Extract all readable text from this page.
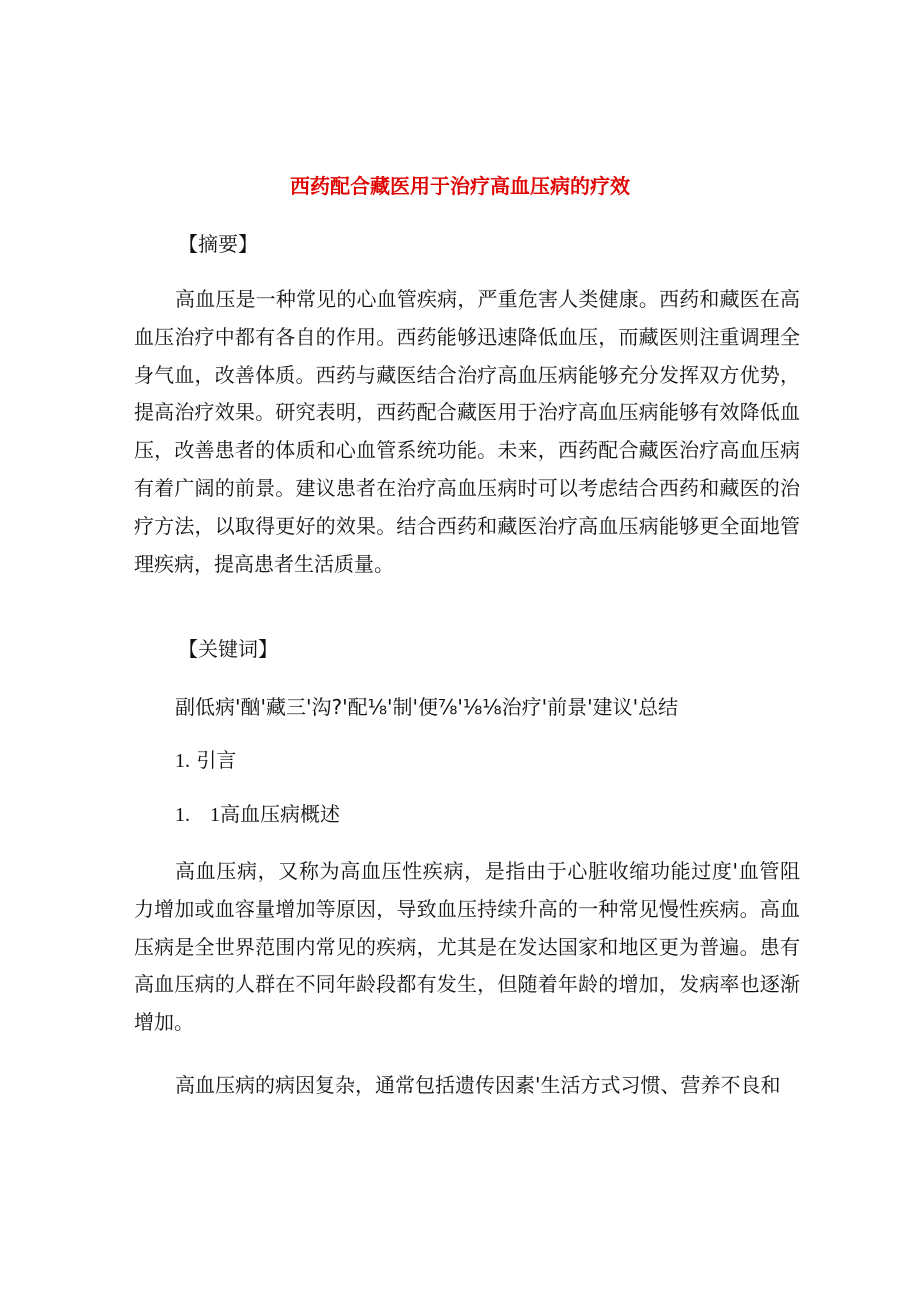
西药配合藏医用于治疗高血压病的疗效
【摘要】

高血压是一种常见的心血管疾病，严重危害人类健康。西药和藏医在高血压治疗中都有各自的作用。西药能够迅速降低血压，而藏医则注重调理全身气血，改善体质。西药与藏医结合治疗高血压病能够充分发挥双方优势，提高治疗效果。研究表明，西药配合藏医用于治疗高血压病能够有效降低血压，改善患者的体质和心血管系统功能。未来，西药配合藏医治疗高血压病有着广阔的前景。建议患者在治疗高血压病时可以考虑结合西药和藏医的治疗方法，以取得更好的效果。结合西药和藏医治疗高血压病能够更全面地管理疾病，提高患者生活质量。

【关键词】
副低病'酗'藏三'沟?'配⅛'制'便⅞'⅛⅛治疗'前景'建议'总结
1. 引言
1.　1高血压病概述

高血压病，又称为高血压性疾病，是指由于心脏收缩功能过度'血管阻力增加或血容量增加等原因，导致血压持续升高的一种常见慢性疾病。高血压病是全世界范围内常见的疾病，尤其是在发达国家和地区更为普遍。患有高血压病的人群在不同年龄段都有发生，但随着年龄的增加，发病率也逐渐增加。

高血压病的病因复杂，通常包括遗传因素'生活方式习惯、营养不良和
